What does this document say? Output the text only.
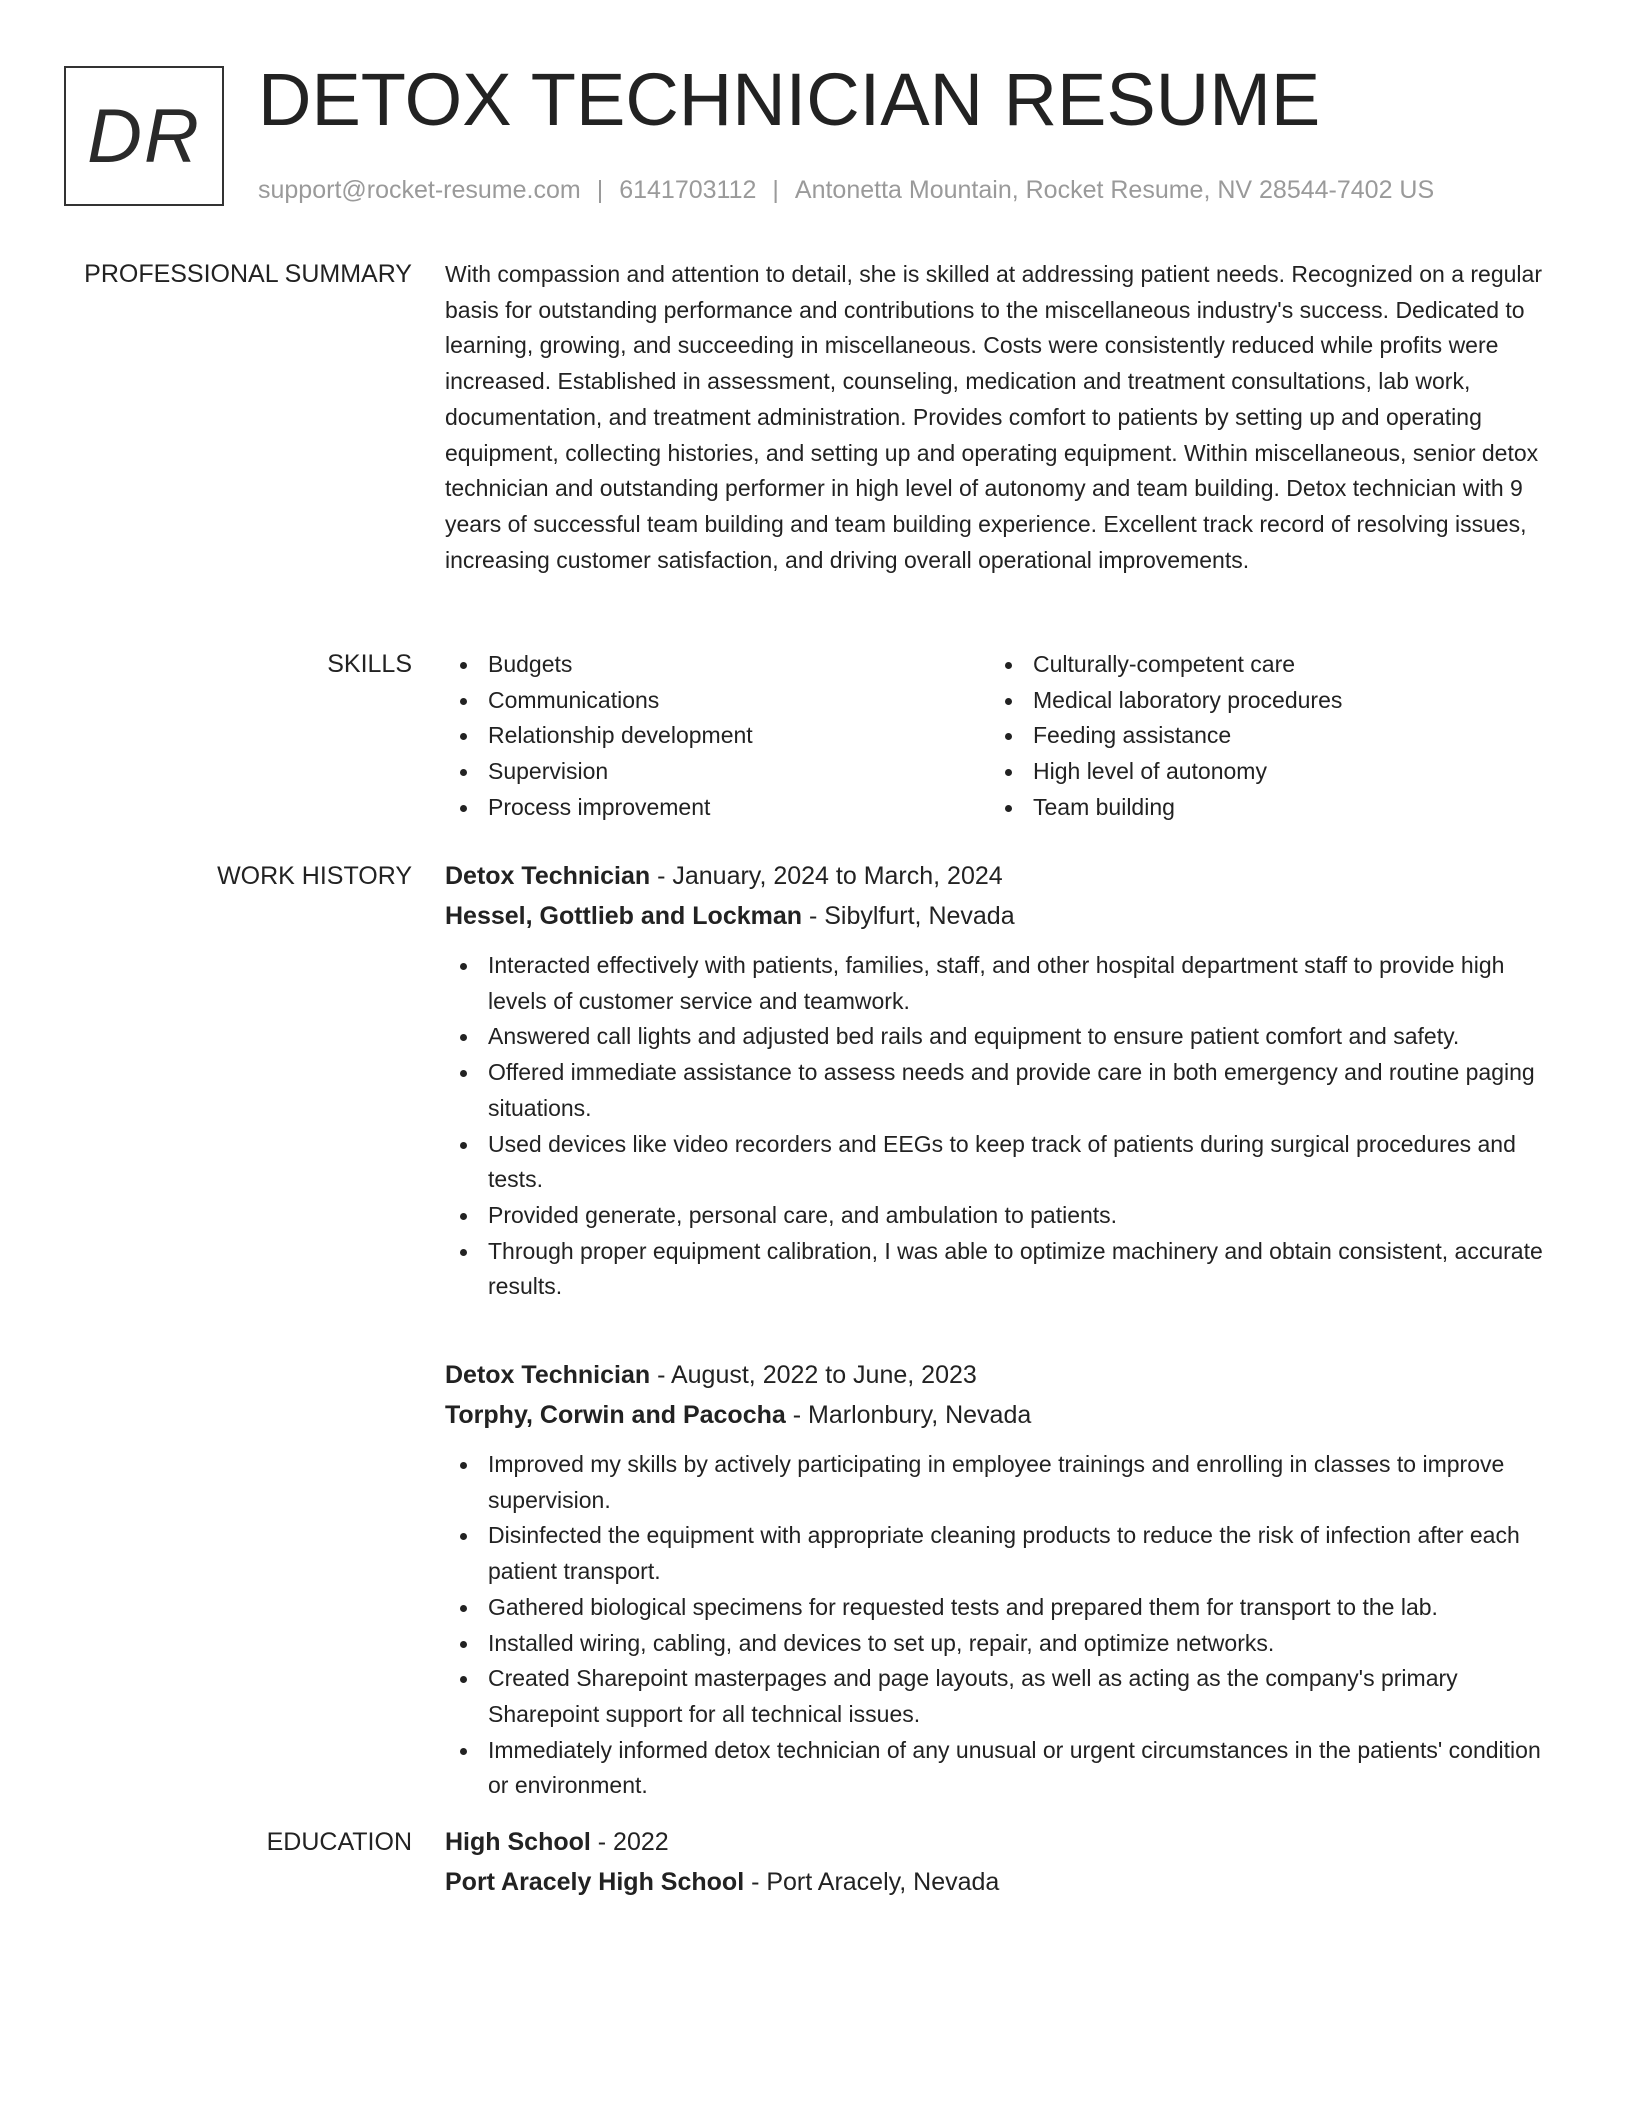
DR DETOX TECHNICIAN RESUME
support@rocket-resume.com | 6141703112 | Antonetta Mountain, Rocket Resume, NV 28544-7402 US
PROFESSIONAL SUMMARY With compassion and attention to detail, she is skilled at addressing patient needs. Recognized on a regular basis for outstanding performance and contributions to the miscellaneous industry's success. Dedicated to learning, growing, and succeeding in miscellaneous. Costs were consistently reduced while profits were increased. Established in assessment, counseling, medication and treatment consultations, lab work, documentation, and treatment administration. Provides comfort to patients by setting up and operating equipment, collecting histories, and setting up and operating equipment. Within miscellaneous, senior detox technician and outstanding performer in high level of autonomy and team building. Detox technician with 9 years of successful team building and team building experience. Excellent track record of resolving issues, increasing customer satisfaction, and driving overall operational improvements.

SKILLS	Budgets
Communications
Relationship development
Supervision
Process improvement
Culturally-competent care
Medical laboratory procedures
Feeding assistance
High level of autonomy
Team building
WORK HISTORY Detox Technician - January, 2024 to March, 2024
Hessel, Gottlieb and Lockman - Sibylfurt, Nevada
Interacted effectively with patients, families, staff, and other hospital department staff to provide high levels of customer service and teamwork.
Answered call lights and adjusted bed rails and equipment to ensure patient comfort and safety.
Offered immediate assistance to assess needs and provide care in both emergency and routine paging situations.
Used devices like video recorders and EEGs to keep track of patients during surgical procedures and tests.
Provided generate, personal care, and ambulation to patients.
Through proper equipment calibration, I was able to optimize machinery and obtain consistent, accurate results.
Detox Technician - August, 2022 to June, 2023
Torphy, Corwin and Pacocha - Marlonbury, Nevada
Improved my skills by actively participating in employee trainings and enrolling in classes to improve supervision.
Disinfected the equipment with appropriate cleaning products to reduce the risk of infection after each patient transport.
Gathered biological specimens for requested tests and prepared them for transport to the lab.
Installed wiring, cabling, and devices to set up, repair, and optimize networks.
Created Sharepoint masterpages and page layouts, as well as acting as the company's primary Sharepoint support for all technical issues.
Immediately informed detox technician of any unusual or urgent circumstances in the patients' condition or environment.
EDUCATION High School - 2022
Port Aracely High School - Port Aracely, Nevada
